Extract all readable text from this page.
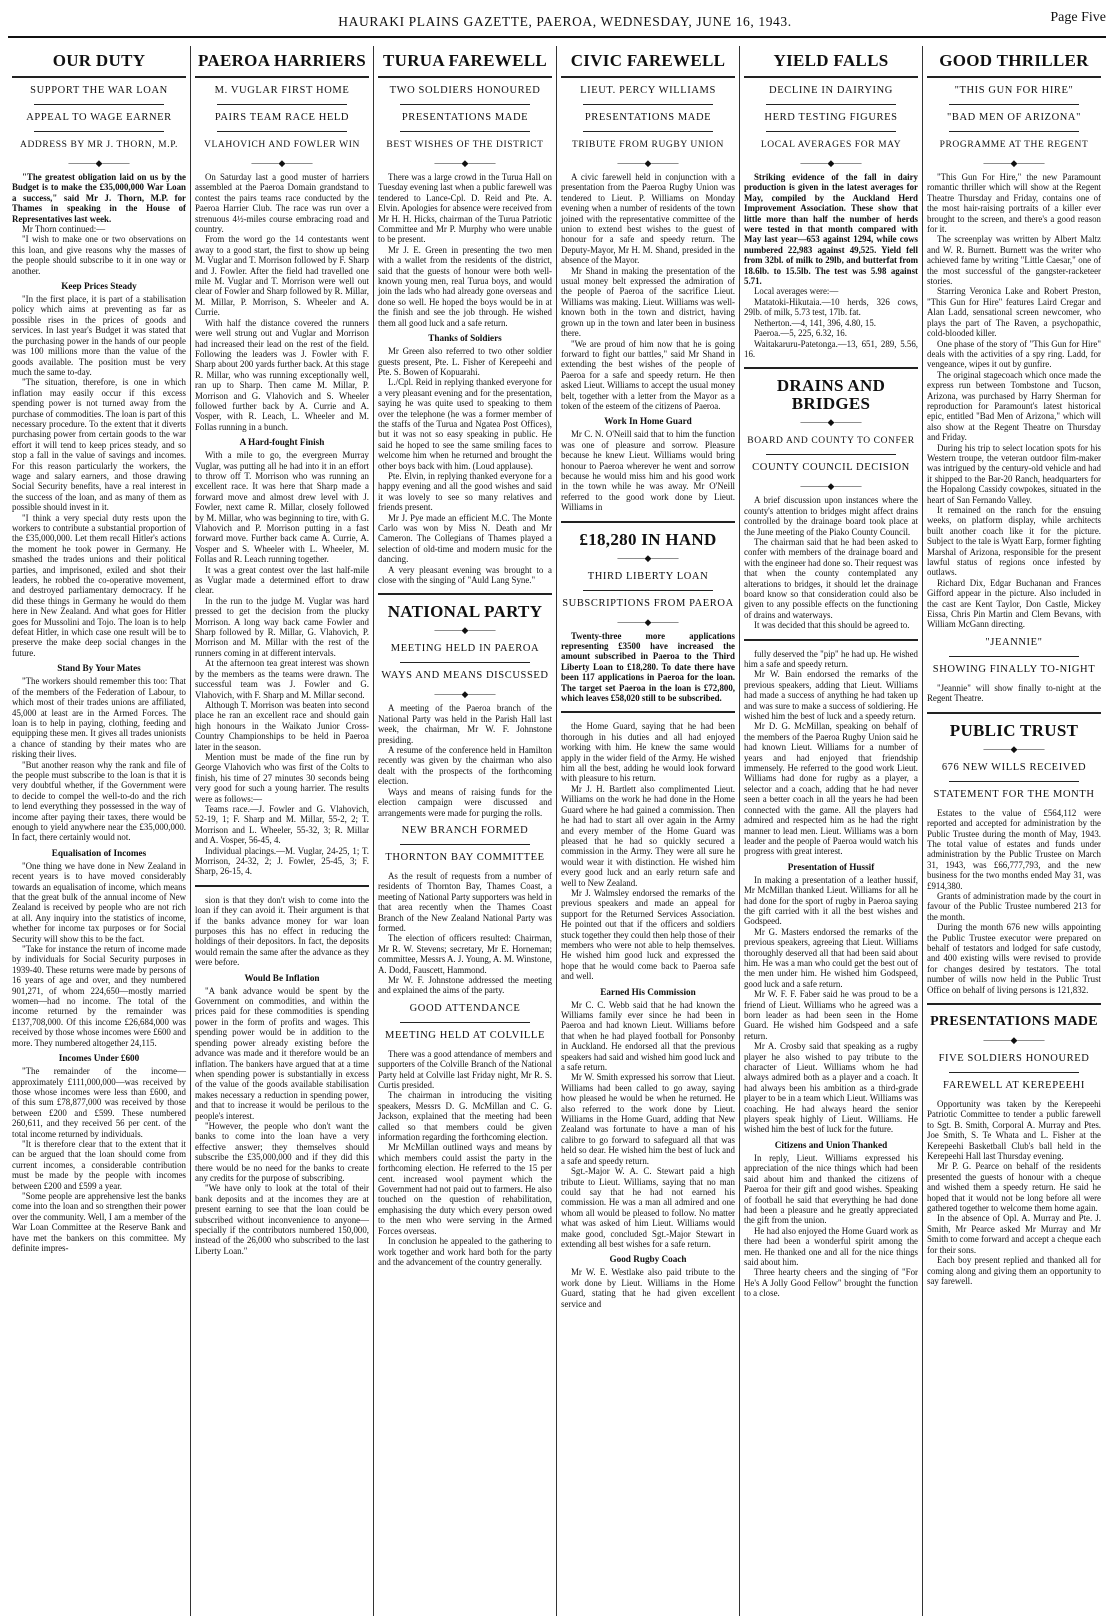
HAURAKI PLAINS GAZETTE, PAEROA, WEDNESDAY, JUNE 16, 1943.	Page Five
OUR DUTY
SUPPORT THE WAR LOAN
APPEAL TO WAGE EARNER
ADDRESS BY MR J. THORN, M.P.
―――◆―――

"The greatest obligation laid on us by the Budget is to make the £35,000,000 War Loan a success," said Mr J. Thorn, M.P. for Thames in speaking in the House of Representatives last week.

Mr Thorn continued:—

"I wish to make one or two observations on this loan, and give reasons why the masses of the people should subscribe to it in one way or another.

Keep Prices Steady

"In the first place, it is part of a stabilisation policy which aims at preventing as far as possible rises in the prices of goods and services. In last year's Budget it was stated that the purchasing power in the hands of our people was 100 millions more than the value of the goods available. The position must be very much the same to-day.

"The situation, therefore, is one in which inflation may easily occur if this excess spending power is not turned away from the purchase of commodities. The loan is part of this necessary procedure. To the extent that it diverts purchasing power from certain goods to the war effort it will tend to keep prices steady, and so stop a fall in the value of savings and incomes. For this reason particularly the workers, the wage and salary earners, and those drawing Social Security benefits, have a real interest in the success of the loan, and as many of them as possible should invest in it.

"I think a very special duty rests upon the workers to contribute a substantial proportion of the £35,000,000. Let them recall Hitler's actions the moment he took power in Germany. He smashed the trades unions and their political parties, and imprisoned, exiled and shot their leaders, he robbed the co-operative movement, and destroyed parliamentary democracy. If he did these things in Germany he would do them here in New Zealand. And what goes for Hitler goes for Mussolini and Tojo. The loan is to help defeat Hitler, in which case one result will be to preserve the make deep social changes in the future.

Stand By Your Mates

"The workers should remember this too: That of the members of the Federation of Labour, to which most of their trades unions are affiliated, 45,000 at least are in the Armed Forces. The loan is to help in paying, clothing, feeding and equipping these men. It gives all trades unionists a chance of standing by their mates who are risking their lives.

"But another reason why the rank and file of the people must subscribe to the loan is that it is very doubtful whether, if the Government were to decide to compel the well-to-do and the rich to lend everything they possessed in the way of income after paying their taxes, there would be enough to yield anywhere near the £35,000,000. In fact, there certainly would not.

Equalisation of Incomes

"One thing we have done in New Zealand in recent years is to have moved considerably towards an equalisation of income, which means that the great bulk of the annual income of New Zealand is received by people who are not rich at all. Any inquiry into the statistics of income, whether for income tax purposes or for Social Security will show this to be the fact.

"Take for instance the return of income made by individuals for Social Security purposes in 1939-40. These returns were made by persons of 16 years of age and over, and they numbered 901,271, of whom 224,650—mostly married women—had no income. The total of the income returned by the remainder was £137,708,000. Of this income £26,684,000 was received by those whose incomes were £600 and more. They numbered altogether 24,115.

Incomes Under £600

"The remainder of the income—approximately £111,000,000—was received by those whose incomes were less than £600, and of this sum £78,877,000 was received by those between £200 and £599. These numbered 260,611, and they received 56 per cent. of the total income returned by individuals.

"It is therefore clear that to the extent that it can be argued that the loan should come from current incomes, a considerable contribution must be made by the people with incomes between £200 and £599 a year.

"Some people are apprehensive lest the banks come into the loan and so strengthen their power over the community. Well, I am a member of the War Loan Committee at the Reserve Bank and have met the bankers on this committee. My definite impres-

PAEROA HARRIERS
M. VUGLAR FIRST HOME
PAIRS TEAM RACE HELD
VLAHOVICH AND FOWLER WIN
―――◆―――

On Saturday last a good muster of harriers assembled at the Paeroa Domain grandstand to contest the pairs teams race conducted by the Paeroa Harrier Club. The race was run over a strenuous 4½-miles course embracing road and country.

From the word go the 14 contestants went away to a good start, the first to show up being M. Vuglar and T. Morrison followed by F. Sharp and J. Fowler. After the field had travelled one mile M. Vuglar and T. Morrison were well out clear of Fowler and Sharp followed by R. Millar, M. Millar, P. Morrison, S. Wheeler and A. Currie.

With half the distance covered the runners were well strung out and Vuglar and Morrison had increased their lead on the rest of the field. Following the leaders was J. Fowler with F. Sharp about 200 yards further back. At this stage R. Millar, who was running exceptionally well, ran up to Sharp. Then came M. Millar, P. Morrison and G. Vlahovich and S. Wheeler followed further back by A. Currie and A. Vosper, with R. Leach, L. Wheeler and M. Follas running in a bunch.

A Hard-fought Finish

With a mile to go, the evergreen Murray Vuglar, was putting all he had into it in an effort to throw off T. Morrison who was running an excellent race. It was here that Sharp made a forward move and almost drew level with J. Fowler, next came R. Millar, closely followed by M. Millar, who was beginning to tire, with G. Vlahovich and P. Morrison putting in a fast forward move. Further back came A. Currie, A. Vosper and S. Wheeler with L. Wheeler, M. Follas and R. Leach running together.

It was a great contest over the last half-mile as Vuglar made a determined effort to draw clear.

In the run to the judge M. Vuglar was hard pressed to get the decision from the plucky Morrison. A long way back came Fowler and Sharp followed by R. Millar, G. Vlahovich, P. Morrison and M. Millar with the rest of the runners coming in at different intervals.

At the afternoon tea great interest was shown by the members as the teams were drawn. The successful team was J. Fowler and G. Vlahovich, with F. Sharp and M. Millar second.

Although T. Morrison was beaten into second place he ran an excellent race and should gain high honours in the Waikato Junior Cross-Country Championships to be held in Paeroa later in the season.

Mention must be made of the fine run by George Vlahovich who was first of the Colts to finish, his time of 27 minutes 30 seconds being very good for such a young harrier. The results were as follows:—

Teams race.—J. Fowler and G. Vlahovich, 52-19, 1; F. Sharp and M. Millar, 55-2, 2; T. Morrison and L. Wheeler, 55-32, 3; R. Millar and A. Vosper, 56-45, 4.

Individual placings.—M. Vuglar, 24-25, 1; T. Morrison, 24-32, 2; J. Fowler, 25-45, 3; F. Sharp, 26-15, 4.

sion is that they don't wish to come into the loan if they can avoid it. Their argument is that if the banks advance money for war loan purposes this has no effect in reducing the holdings of their depositors. In fact, the deposits would remain the same after the advance as they were before.

Would Be Inflation

"A bank advance would be spent by the Government on commodities, and within the prices paid for these commodities is spending power in the form of profits and wages. This spending power would be in addition to the spending power already existing before the advance was made and it therefore would be an inflation. The bankers have argued that at a time when spending power is substantially in excess of the value of the goods available stabilisation makes necessary a reduction in spending power, and that to increase it would be perilous to the people's interest.

"However, the people who don't want the banks to come into the loan have a very effective answer; they themselves should subscribe the £35,000,000 and if they did this there would be no need for the banks to create any credits for the purpose of subscribing.

"We have only to look at the total of their bank deposits and at the incomes they are at present earning to see that the loan could be subscribed without inconvenience to anyone—specially if the contributors numbered 150,000, instead of the 26,000 who subscribed to the last Liberty Loan."

TURUA FAREWELL
TWO SOLDIERS HONOURED
PRESENTATIONS MADE
BEST WISHES OF THE DISTRICT
―――◆―――

There was a large crowd in the Turua Hall on Tuesday evening last when a public farewell was tendered to Lance-Cpl. D. Reid and Pte. A. Elvin. Apologies for absence were received from Mr H. H. Hicks, chairman of the Turua Patriotic Committee and Mr P. Murphy who were unable to be present.

Mr J. E. Green in presenting the two men with a wallet from the residents of the district, said that the guests of honour were both well-known young men, real Turua boys, and would join the lads who had already gone overseas and done so well. He hoped the boys would be in at the finish and see the job through. He wished them all good luck and a safe return.

Thanks of Soldiers

Mr Green also referred to two other soldier guests present, Pte. L. Fisher of Kerepeehi and Pte. S. Bowen of Kopuarahi.

L./Cpl. Reid in replying thanked everyone for a very pleasant evening and for the presentation, saying he was quite used to speaking to them over the telephone (he was a former member of the staffs of the Turua and Ngatea Post Offices), but it was not so easy speaking in public. He said he hoped to see the same smiling faces to welcome him when he returned and brought the other boys back with him. (Loud applause).

Pte. Elvin, in replying thanked everyone for a happy evening and all the good wishes and said it was lovely to see so many relatives and friends present.

Mr J. Pye made an efficient M.C. The Monte Carlo was won by Miss N. Death and Mr Cameron. The Collegians of Thames played a selection of old-time and modern music for the dancing.

A very pleasant evening was brought to a close with the singing of "Auld Lang Syne."

NATIONAL PARTY
―――◆―――
MEETING HELD IN PAEROA
WAYS AND MEANS DISCUSSED
―――◆―――

A meeting of the Paeroa branch of the National Party was held in the Parish Hall last week, the chairman, Mr W. F. Johnstone presiding.

A resume of the conference held in Hamilton recently was given by the chairman who also dealt with the prospects of the forthcoming election.

Ways and means of raising funds for the election campaign were discussed and arrangements were made for purging the rolls.

NEW BRANCH FORMED
THORNTON BAY COMMITTEE

As the result of requests from a number of residents of Thornton Bay, Thames Coast, a meeting of National Party supporters was held in that area recently when the Thames Coast Branch of the New Zealand National Party was formed.

The election of officers resulted: Chairman, Mr R. W. Stevens; secretary, Mr E. Horneman; committee, Messrs A. J. Young, A. M. Winstone, A. Dodd, Fauscett, Hammond.

Mr W. F. Johnstone addressed the meeting and explained the aims of the party.

GOOD ATTENDANCE
MEETING HELD AT COLVILLE

There was a good attendance of members and supporters of the Colville Branch of the National Party held at Colville last Friday night, Mr R. S. Curtis presided.

The chairman in introducing the visiting speakers, Messrs D. G. McMillan and C. G. Jackson, explained that the meeting had been called so that members could be given information regarding the forthcoming election.

Mr McMillan outlined ways and means by which members could assist the party in the forthcoming election. He referred to the 15 per cent. increased wool payment which the Government had not paid out to farmers. He also touched on the question of rehabilitation, emphasising the duty which every person owed to the men who were serving in the Armed Forces overseas.

In conclusion he appealed to the gathering to work together and work hard both for the party and the advancement of the country generally.

CIVIC FAREWELL
LIEUT. PERCY WILLIAMS
PRESENTATIONS MADE
TRIBUTE FROM RUGBY UNION
―――◆―――

A civic farewell held in conjunction with a presentation from the Paeroa Rugby Union was tendered to Lieut. P. Williams on Monday evening when a number of residents of the town joined with the representative committee of the union to extend best wishes to the guest of honour for a safe and speedy return. The Deputy-Mayor, Mr H. M. Shand, presided in the absence of the Mayor.

Mr Shand in making the presentation of the usual money belt expressed the admiration of the people of Paeroa of the sacrifice Lieut. Williams was making. Lieut. Williams was well-known both in the town and district, having grown up in the town and later been in business there.

"We are proud of him now that he is going forward to fight our battles," said Mr Shand in extending the best wishes of the people of Paeroa for a safe and speedy return. He then asked Lieut. Williams to accept the usual money belt, together with a letter from the Mayor as a token of the esteem of the citizens of Paeroa.

Work In Home Guard

Mr C. N. O'Neill said that to him the function was one of pleasure and sorrow. Pleasure because he knew Lieut. Williams would bring honour to Paeroa wherever he went and sorrow because he would miss him and his good work in the town while he was away. Mr O'Neill referred to the good work done by Lieut. Williams in

£18,280 IN HAND
―――◆―――
THIRD LIBERTY LOAN
SUBSCRIPTIONS FROM PAEROA
―――◆―――

Twenty-three more applications representing £3500 have increased the amount subscribed in Paeroa to the Third Liberty Loan to £18,280. To date there have been 117 applications in Paeroa for the loan. The target set Paeroa in the loan is £72,800, which leaves £58,020 still to be subscribed.

the Home Guard, saying that he had been thorough in his duties and all had enjoyed working with him. He knew the same would apply in the wider field of the Army. He wished him all the best, adding he would look forward with pleasure to his return.

Mr J. H. Bartlett also complimented Lieut. Williams on the work he had done in the Home Guard where he had gained a commission. Then he had had to start all over again in the Army and every member of the Home Guard was pleased that he had so quickly secured a commission in the Army. They were all sure he would wear it with distinction. He wished him every good luck and an early return safe and well to New Zealand.

Mr J. Walmsley endorsed the remarks of the previous speakers and made an appeal for support for the Returned Services Association. He pointed out that if the officers and soldiers stuck together they could then help those of their members who were not able to help themselves. He wished him good luck and expressed the hope that he would come back to Paeroa safe and well.

Earned His Commission

Mr C. C. Webb said that he had known the Williams family ever since he had been in Paeroa and had known Lieut. Williams before that when he had played football for Ponsonby in Auckland. He endorsed all that the previous speakers had said and wished him good luck and a safe return.

Mr W. Smith expressed his sorrow that Lieut. Williams had been called to go away, saying how pleased he would be when he returned. He also referred to the work done by Lieut. Williams in the Home Guard, adding that New Zealand was fortunate to have a man of his calibre to go forward to safeguard all that was held so dear. He wished him the best of luck and a safe and speedy return.

Sgt.-Major W. A. C. Stewart paid a high tribute to Lieut. Williams, saying that no man could say that he had not earned his commission. He was a man all admired and one whom all would be pleased to follow. No matter what was asked of him Lieut. Williams would make good, concluded Sgt.-Major Stewart in extending all best wishes for a safe return.

Good Rugby Coach

Mr W. E. Westlake also paid tribute to the work done by Lieut. Williams in the Home Guard, stating that he had given excellent service and

YIELD FALLS
DECLINE IN DAIRYING
HERD TESTING FIGURES
LOCAL AVERAGES FOR MAY
―――◆―――

Striking evidence of the fall in dairy production is given in the latest averages for May, compiled by the Auckland Herd Improvement Association. These show that little more than half the number of herds were tested in that month compared with May last year—653 against 1294, while cows numbered 22,983 against 49,525. Yield fell from 32bl. of milk to 29lb, and butterfat from 18.6lb. to 15.5lb. The test was 5.98 against 5.71.

Local averages were:—

Matatoki-Hikutaia.—10 herds, 326 cows, 29lb. of milk, 5.73 test, 17lb. fat.

Netherton.—4, 141, 396, 4.80, 15.

Paeroa.—5, 225, 6.32, 16.

Waitakaruru-Patetonga.—13, 651, 289, 5.56, 16.

DRAINS AND BRIDGES
―――◆―――
BOARD AND COUNTY TO CONFER
COUNTY COUNCIL DECISION
―――◆―――

A brief discussion upon instances where the county's attention to bridges might affect drains controlled by the drainage board took place at the June meeting of the Piako County Council.

The chairman said that he had been asked to confer with members of the drainage board and with the engineer had done so. Their request was that when the county contemplated any alterations to bridges, it should let the drainage board know so that consideration could also be given to any possible effects on the functioning of drains and waterways.

It was decided that this should be agreed to.

fully deserved the "pip" he had up. He wished him a safe and speedy return.

Mr W. Bain endorsed the remarks of the previous speakers, adding that Lieut. Williams had made a success of anything he had taken up and was sure to make a success of soldiering. He wished him the best of luck and a speedy return.

Mr D. G. McMillan, speaking on behalf of the members of the Paeroa Rugby Union said he had known Lieut. Williams for a number of years and had enjoyed that friendship immensely. He referred to the good work Lieut. Williams had done for rugby as a player, a selector and a coach, adding that he had never seen a better coach in all the years he had been connected with the game. All the players had admired and respected him as he had the right manner to lead men. Lieut. Williams was a born leader and the people of Paeroa would watch his progress with great interest.

Presentation of Hussif

In making a presentation of a leather hussif, Mr McMillan thanked Lieut. Williams for all he had done for the sport of rugby in Paeroa saying the gift carried with it all the best wishes and Godspeed.

Mr G. Masters endorsed the remarks of the previous speakers, agreeing that Lieut. Williams thoroughly deserved all that had been said about him. He was a man who could get the best out of the men under him. He wished him Godspeed, good luck and a safe return.

Mr W. F. F. Faber said he was proud to be a friend of Lieut. Williams who he agreed was a born leader as had been seen in the Home Guard. He wished him Godspeed and a safe return.

Mr A. Crosby said that speaking as a rugby player he also wished to pay tribute to the character of Lieut. Williams whom he had always admired both as a player and a coach. It had always been his ambition as a third-grade player to be in a team which Lieut. Williams was coaching. He had always heard the senior players speak highly of Lieut. Williams. He wished him the best of luck for the future.

Citizens and Union Thanked

In reply, Lieut. Williams expressed his appreciation of the nice things which had been said about him and thanked the citizens of Paeroa for their gift and good wishes. Speaking of football he said that everything he had done had been a pleasure and he greatly appreciated the gift from the union.

He had also enjoyed the Home Guard work as there had been a wonderful spirit among the men. He thanked one and all for the nice things said about him.

Three hearty cheers and the singing of "For He's A Jolly Good Fellow" brought the function to a close.

GOOD THRILLER
"THIS GUN FOR HIRE"
"BAD MEN OF ARIZONA"
PROGRAMME AT THE REGENT
―――◆―――

"This Gun For Hire," the new Paramount romantic thriller which will show at the Regent Theatre Thursday and Friday, contains one of the most hair-raising portraits of a killer ever brought to the screen, and there's a good reason for it.

The screenplay was written by Albert Maltz and W. R. Burnett. Burnett was the writer who achieved fame by writing "Little Caesar," one of the most successful of the gangster-racketeer stories.

Starring Veronica Lake and Robert Preston, "This Gun for Hire" features Laird Cregar and Alan Ladd, sensational screen newcomer, who plays the part of The Raven, a psychopathic, cold-blooded killer.

One phase of the story of "This Gun for Hire" deals with the activities of a spy ring. Ladd, for vengeance, wipes it out by gunfire.

The original stagecoach which once made the express run between Tombstone and Tucson, Arizona, was purchased by Harry Sherman for reproduction for Paramount's latest historical epic, entitled "Bad Men of Arizona," which will also show at the Regent Theatre on Thursday and Friday.

During his trip to select location spots for his Western troupe, the veteran outdoor film-maker was intrigued by the century-old vehicle and had it shipped to the Bar-20 Ranch, headquarters for the Hopalong Cassidy cowpokes, situated in the heart of San Fernando Valley.

It remained on the ranch for the ensuing weeks, on platform display, while architects built another coach like it for the picture. Subject to the tale is Wyatt Earp, former fighting Marshal of Arizona, responsible for the present lawful status of regions once infested by outlaws.

Richard Dix, Edgar Buchanan and Frances Gifford appear in the picture. Also included in the cast are Kent Taylor, Don Castle, Mickey Eissa, Chris Pin Martin and Clem Bevans, with William McGann directing.

"JEANNIE"
SHOWING FINALLY TO-NIGHT

"Jeannie" will show finally to-night at the Regent Theatre.

PUBLIC TRUST
―――◆―――
676 NEW WILLS RECEIVED
STATEMENT FOR THE MONTH

Estates to the value of £564,112 were reported and accepted for administration by the Public Trustee during the month of May, 1943. The total value of estates and funds under administration by the Public Trustee on March 31, 1943, was £66,777,793, and the new business for the two months ended May 31, was £914,380.

Grants of administration made by the court in favour of the Public Trustee numbered 213 for the month.

During the month 676 new wills appointing the Public Trustee executor were prepared on behalf of testators and lodged for safe custody, and 400 existing wills were revised to provide for changes desired by testators. The total number of wills now held in the Public Trust Office on behalf of living persons is 121,832.

PRESENTATIONS MADE
―――◆―――
FIVE SOLDIERS HONOURED
FAREWELL AT KEREPEEHI

Opportunity was taken by the Kerepeehi Patriotic Committee to tender a public farewell to Sgt. B. Smith, Corporal A. Murray and Ptes. Joe Smith, S. Te Whata and L. Fisher at the Kerepeehi Basketball Club's ball held in the Kerepeehi Hall last Thursday evening.

Mr P. G. Pearce on behalf of the residents presented the guests of honour with a cheque and wished them a speedy return. He said he hoped that it would not be long before all were gathered together to welcome them home again.

In the absence of Opl. A. Murray and Pte. J. Smith, Mr Pearce asked Mr Murray and Mr Smith to come forward and accept a cheque each for their sons.

Each boy present replied and thanked all for coming along and giving them an opportunity to say farewell.
